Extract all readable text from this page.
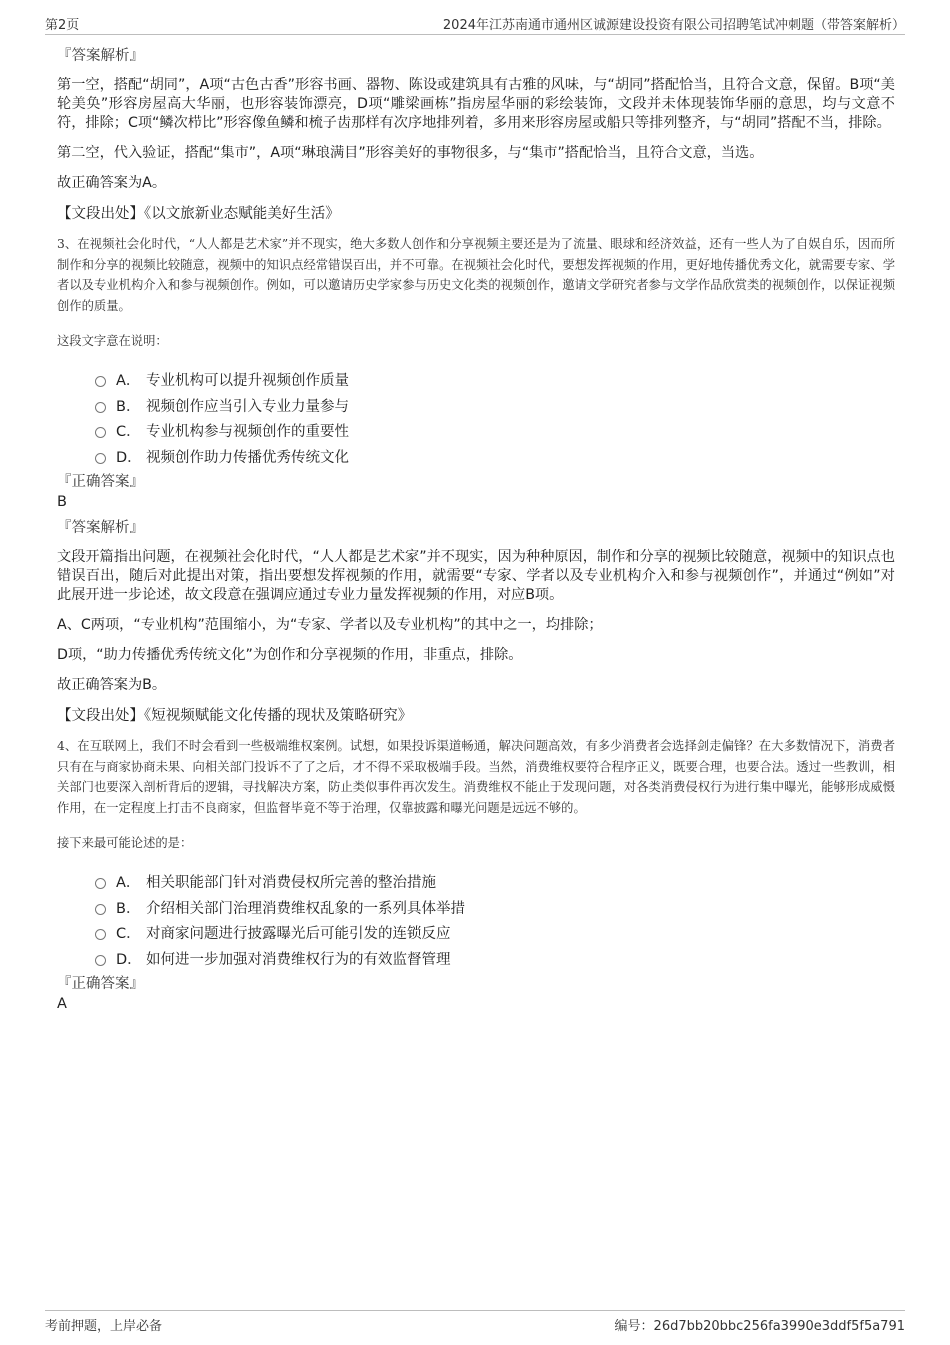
第2页	2024年江苏南通市通州区诚源建设投资有限公司招聘笔试冲刺题（带答案解析）

『答案解析』

第一空，搭配“胡同”，A项“古色古香”形容书画、器物、陈设或建筑具有古雅的风味，与“胡同”搭配恰当，且符合文意，保留。B项“美轮美奂”形容房屋高大华丽，也形容装饰漂亮，D项“雕梁画栋”指房屋华丽的彩绘装饰，文段并未体现装饰华丽的意思，均与文意不符，排除；C项“鳞次栉比”形容像鱼鳞和梳子齿那样有次序地排列着，多用来形容房屋或船只等排列整齐，与“胡同”搭配不当，排除。

第二空，代入验证，搭配“集市”，A项“琳琅满目”形容美好的事物很多，与“集市”搭配恰当，且符合文意，当选。

故正确答案为A。

【文段出处】《以文旅新业态赋能美好生活》

3、在视频社会化时代，“人人都是艺术家”并不现实，绝大多数人创作和分享视频主要还是为了流量、眼球和经济效益，还有一些人为了自娱自乐，因而所制作和分享的视频比较随意，视频中的知识点经常错误百出，并不可靠。在视频社会化时代，要想发挥视频的作用，更好地传播优秀文化，就需要专家、学者以及专业机构介入和参与视频创作。例如，可以邀请历史学家参与历史文化类的视频创作，邀请文学研究者参与文学作品欣赏类的视频创作，以保证视频创作的质量。

这段文字意在说明：

A． 专业机构可以提升视频创作质量
B． 视频创作应当引入专业力量参与
C． 专业机构参与视频创作的重要性
D． 视频创作助力传播优秀传统文化

『正确答案』

B

『答案解析』

文段开篇指出问题，在视频社会化时代，“人人都是艺术家”并不现实，因为种种原因，制作和分享的视频比较随意，视频中的知识点也错误百出，随后对此提出对策，指出要想发挥视频的作用，就需要“专家、学者以及专业机构介入和参与视频创作”，并通过“例如”对此展开进一步论述，故文段意在强调应通过专业力量发挥视频的作用，对应B项。

A、C两项，“专业机构”范围缩小，为“专家、学者以及专业机构”的其中之一，均排除；

D项，“助力传播优秀传统文化”为创作和分享视频的作用，非重点，排除。

故正确答案为B。

【文段出处】《短视频赋能文化传播的现状及策略研究》

4、在互联网上，我们不时会看到一些极端维权案例。试想，如果投诉渠道畅通，解决问题高效，有多少消费者会选择剑走偏锋？在大多数情况下，消费者只有在与商家协商未果、向相关部门投诉不了了之后，才不得不采取极端手段。当然，消费维权要符合程序正义，既要合理，也要合法。透过一些教训，相关部门也要深入剖析背后的逻辑，寻找解决方案，防止类似事件再次发生。消费维权不能止于发现问题，对各类消费侵权行为进行集中曝光，能够形成威慑作用，在一定程度上打击不良商家，但监督毕竟不等于治理，仅靠披露和曝光问题是远远不够的。

接下来最可能论述的是：

A． 相关职能部门针对消费侵权所完善的整治措施
B． 介绍相关部门治理消费维权乱象的一系列具体举措
C． 对商家问题进行披露曝光后可能引发的连锁反应
D． 如何进一步加强对消费维权行为的有效监督管理

『正确答案』

A

考前押题，上岸必备	编号：26d7bb20bbc256fa3990e3ddf5f5a791
